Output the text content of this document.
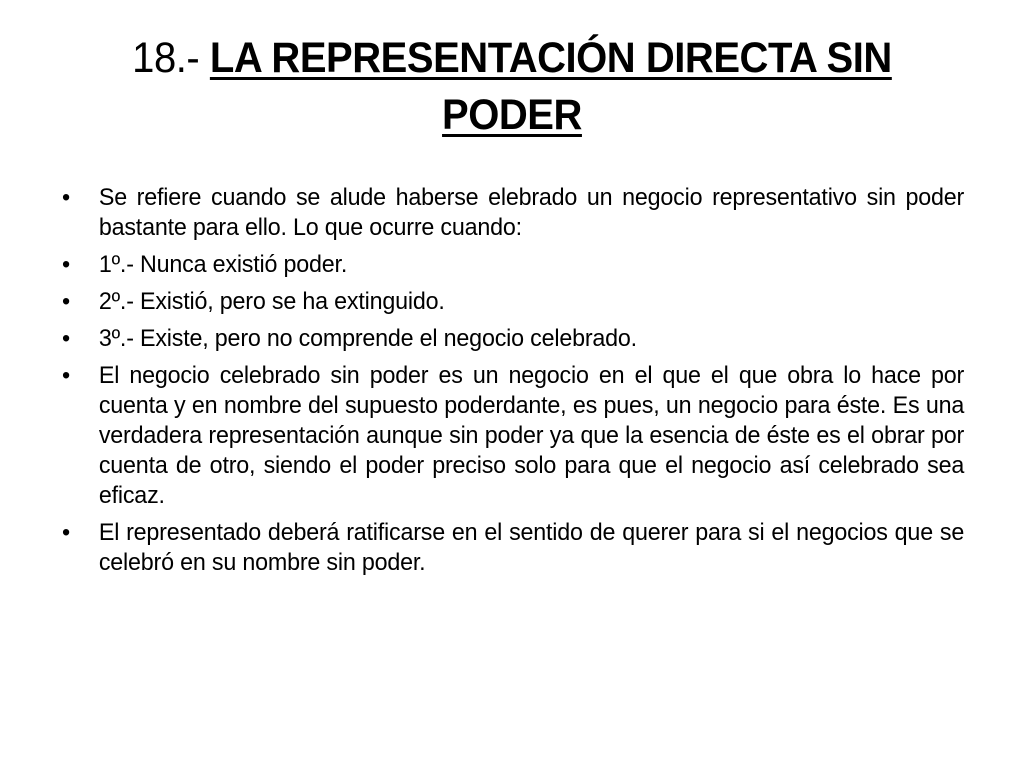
18.- LA REPRESENTACIÓN DIRECTA SIN PODER
•	Se refiere cuando se alude haberse elebrado un negocio representativo sin poder bastante para ello. Lo que ocurre cuando:
•	1º.- Nunca existió poder.
•	2º.- Existió, pero se ha extinguido.
•	3º.- Existe, pero no comprende el negocio celebrado.
•	El negocio celebrado sin poder es un negocio en el que el que obra lo hace por cuenta y en nombre del supuesto poderdante, es pues, un negocio para éste. Es una verdadera representación aunque sin poder ya que la esencia de éste es el obrar por cuenta de otro, siendo el poder preciso solo para que el negocio así celebrado sea eficaz.
•	El representado deberá ratificarse en el sentido de querer para si el negocios que se celebró en su nombre sin poder.
